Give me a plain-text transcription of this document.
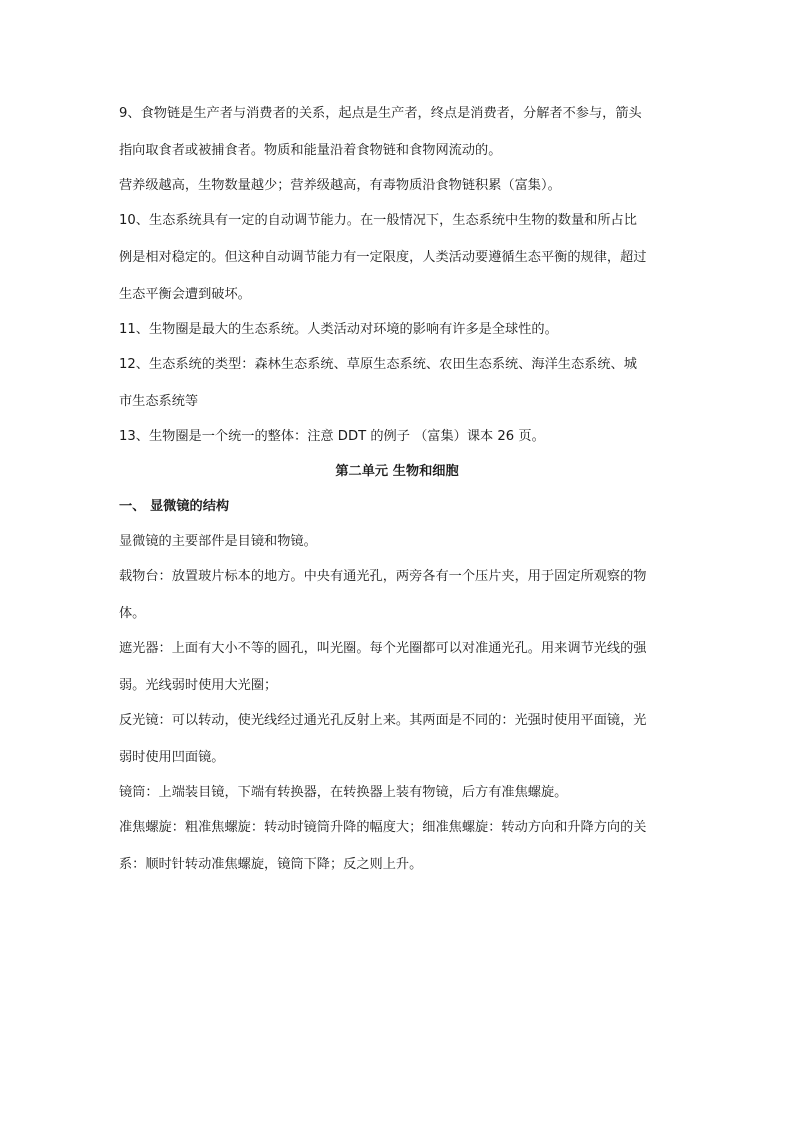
9、食物链是生产者与消费者的关系，起点是生产者，终点是消费者，分解者不参与，箭头
指向取食者或被捕食者。物质和能量沿着食物链和食物网流动的。
营养级越高，生物数量越少；营养级越高，有毒物质沿食物链积累（富集）。
10、生态系统具有一定的自动调节能力。在一般情况下，生态系统中生物的数量和所占比
例是相对稳定的。但这种自动调节能力有一定限度，人类活动要遵循生态平衡的规律，超过
生态平衡会遭到破坏。
11、生物圈是最大的生态系统。人类活动对环境的影响有许多是全球性的。
12、生态系统的类型：森林生态系统、草原生态系统、农田生态系统、海洋生态系统、城
市生态系统等
13、生物圈是一个统一的整体：注意 DDT 的例子 （富集）课本 26 页。
第二单元 生物和细胞
一、 显微镜的结构
显微镜的主要部件是目镜和物镜。
载物台：放置玻片标本的地方。中央有通光孔，两旁各有一个压片夹，用于固定所观察的物
体。
遮光器：上面有大小不等的圆孔，叫光圈。每个光圈都可以对准通光孔。用来调节光线的强
弱。光线弱时使用大光圈；
反光镜：可以转动，使光线经过通光孔反射上来。其两面是不同的：光强时使用平面镜，光
弱时使用凹面镜。
镜筒：上端装目镜，下端有转换器，在转换器上装有物镜，后方有准焦螺旋。
准焦螺旋：粗准焦螺旋：转动时镜筒升降的幅度大；细准焦螺旋：转动方向和升降方向的关
系：顺时针转动准焦螺旋，镜筒下降；反之则上升。
